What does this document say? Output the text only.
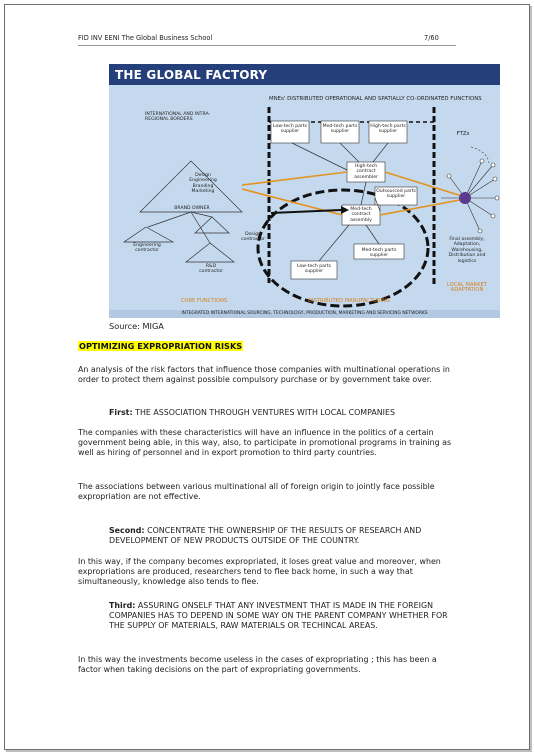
FID INV EENI The Global Business School	7/60
THE GLOBAL FACTORY
MNEs' DISTRIBUTED OPERATIONAL AND SPATIALLY CO-ORDINATED FUNCTIONS
INTERNATIONAL AND INTRA-REGIONAL BORDERS
Low-tech parts supplier
Med-tech parts supplier
High-tech parts supplier
High-tech contract assembler
Outsourced parts supplier
Med-tech contract assembly
Med-tech parts supplier
Low-tech parts supplier
Design Engineering Branding Marketing
BRAND OWNER
Design contractor
Engineering contractor
R&D contractor
FTZs
Final assembly, Adaptation, Warehousing, Distribution and logistics
CORE FUNCTIONS	DISTRIBUTED MANUFACTURING
LOCAL MARKET ADAPTATION
INTEGRATED INTERNATIONAL SOURCING, TECHNOLOGY, PRODUCTION, MARKETING AND SERVICING NETWORKS
Source: MIGA
OPTIMIZING EXPROPRIATION RISKS
An analysis of the risk factors that influence those companies with multinational operations in order to protect them against possible compulsory purchase or by government take over.
First: THE ASSOCIATION THROUGH VENTURES WITH LOCAL COMPANIES
The companies with these characteristics will have an influence in the politics of a certain government being able, in this way, also, to participate in promotional programs in training as well as hiring of personnel and in export promotion to third party countries.
The associations between various multinational all of foreign origin to jointly face possible expropriation are not effective.
Second: CONCENTRATE THE OWNERSHIP OF THE RESULTS OF RESEARCH AND DEVELOPMENT OF NEW PRODUCTS OUTSIDE OF THE COUNTRY.
In this way, if the company becomes expropriated, it loses great value and moreover, when expropriations are produced, researchers tend to flee back home, in such a way that simultaneously, knowledge also tends to flee.
Third: ASSURING ONSELF THAT ANY INVESTMENT THAT IS MADE IN THE FOREIGN COMPANIES HAS TO DEPEND IN SOME WAY ON THE PARENT COMPANY WHETHER FOR THE SUPPLY OF MATERIALS, RAW MATERIALS OR TECHINCAL AREAS.
In this way the investments become useless in the cases of expropriating ; this has been a factor when taking decisions on the part of expropriating governments.
